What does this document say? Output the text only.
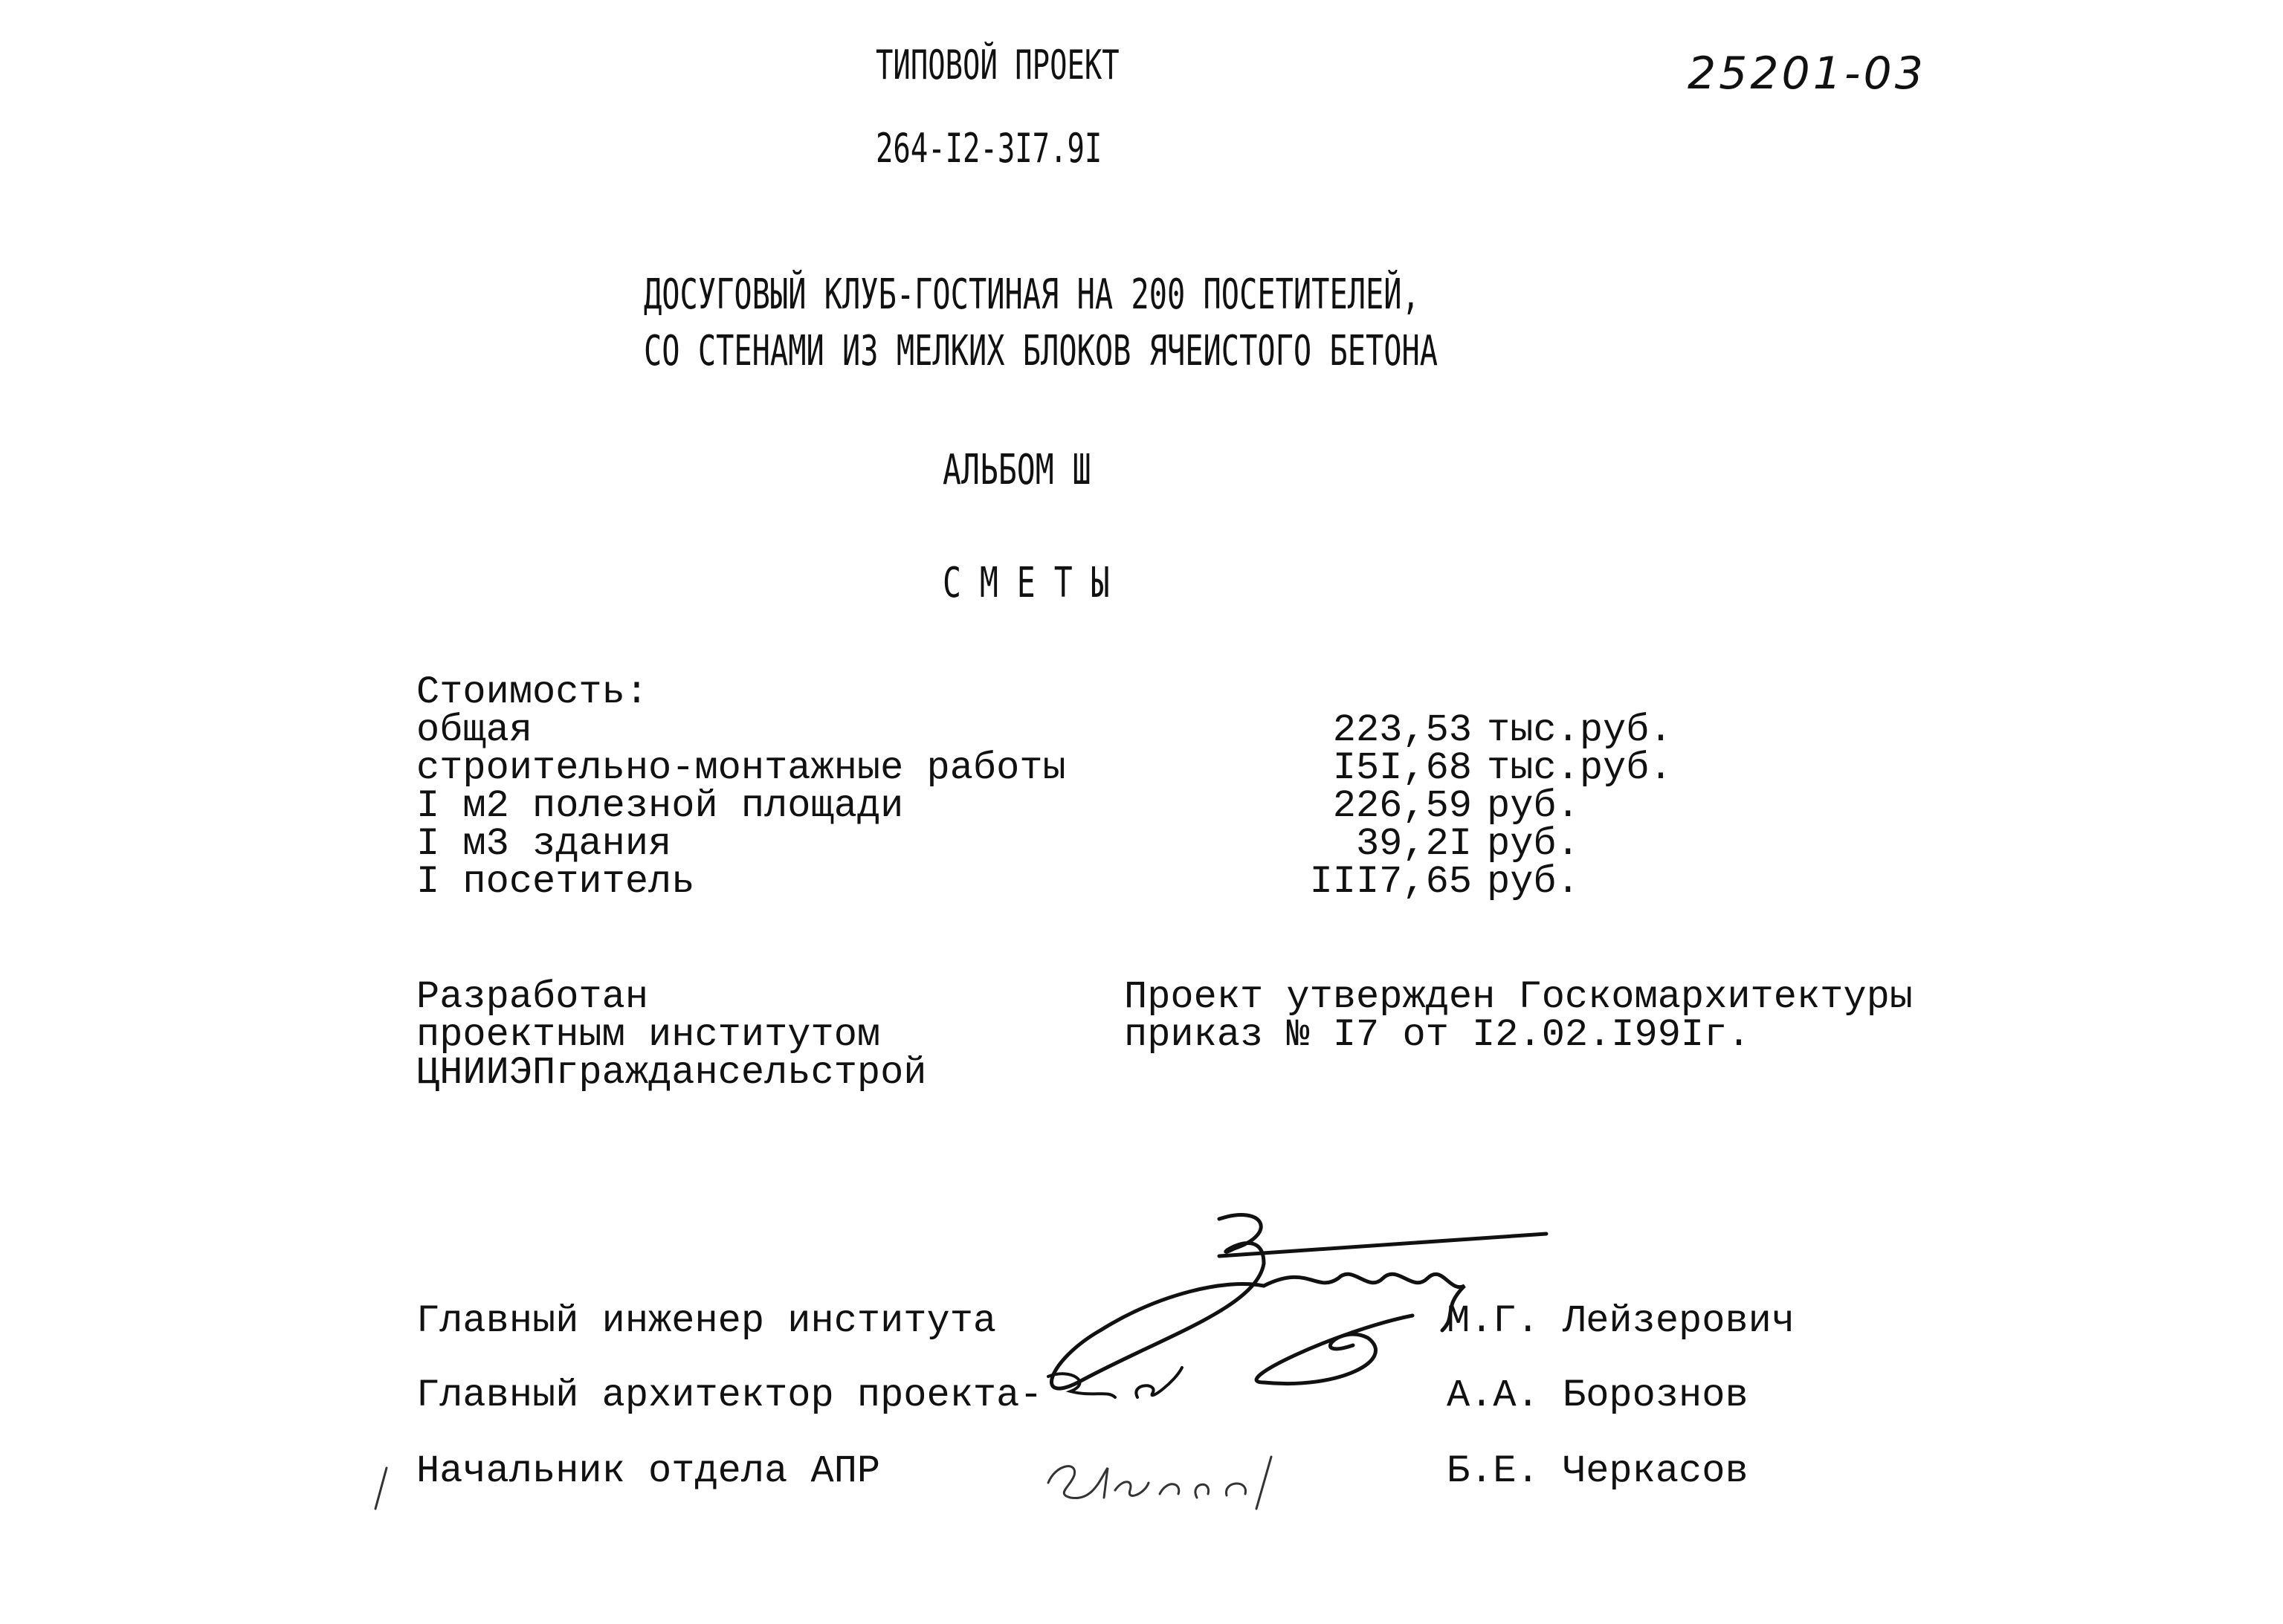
ТИПОВОЙ ПРОЕКТ
264-I2-3I7.9I
25201-03
ДОСУГОВЫЙ КЛУБ-ГОСТИНАЯ НА 200 ПОСЕТИТЕЛЕЙ,
СО СТЕНАМИ ИЗ МЕЛКИХ БЛОКОВ ЯЧЕИСТОГО БЕТОНА
АЛЬБОМ Ш
С М Е Т Ы
Стоимость:
общая	223,53 тыс.руб.
строительно-монтажные работы	I5I,68 тыс.руб.
I м2 полезной площади	226,59 руб.
I м3 здания	39,2I руб.
I посетитель	III7,65 руб.
Разработан
проектным институтом
ЦНИИЭПграждансельстрой
Проект утвержден Госкомархитектуры
приказ № I7 от I2.02.I99Iг.
Главный инженер института	М.Г. Лейзерович
Главный архитектор проекта-	А.А. Борознов
Начальник отдела АПР	Б.Е. Черкасов
